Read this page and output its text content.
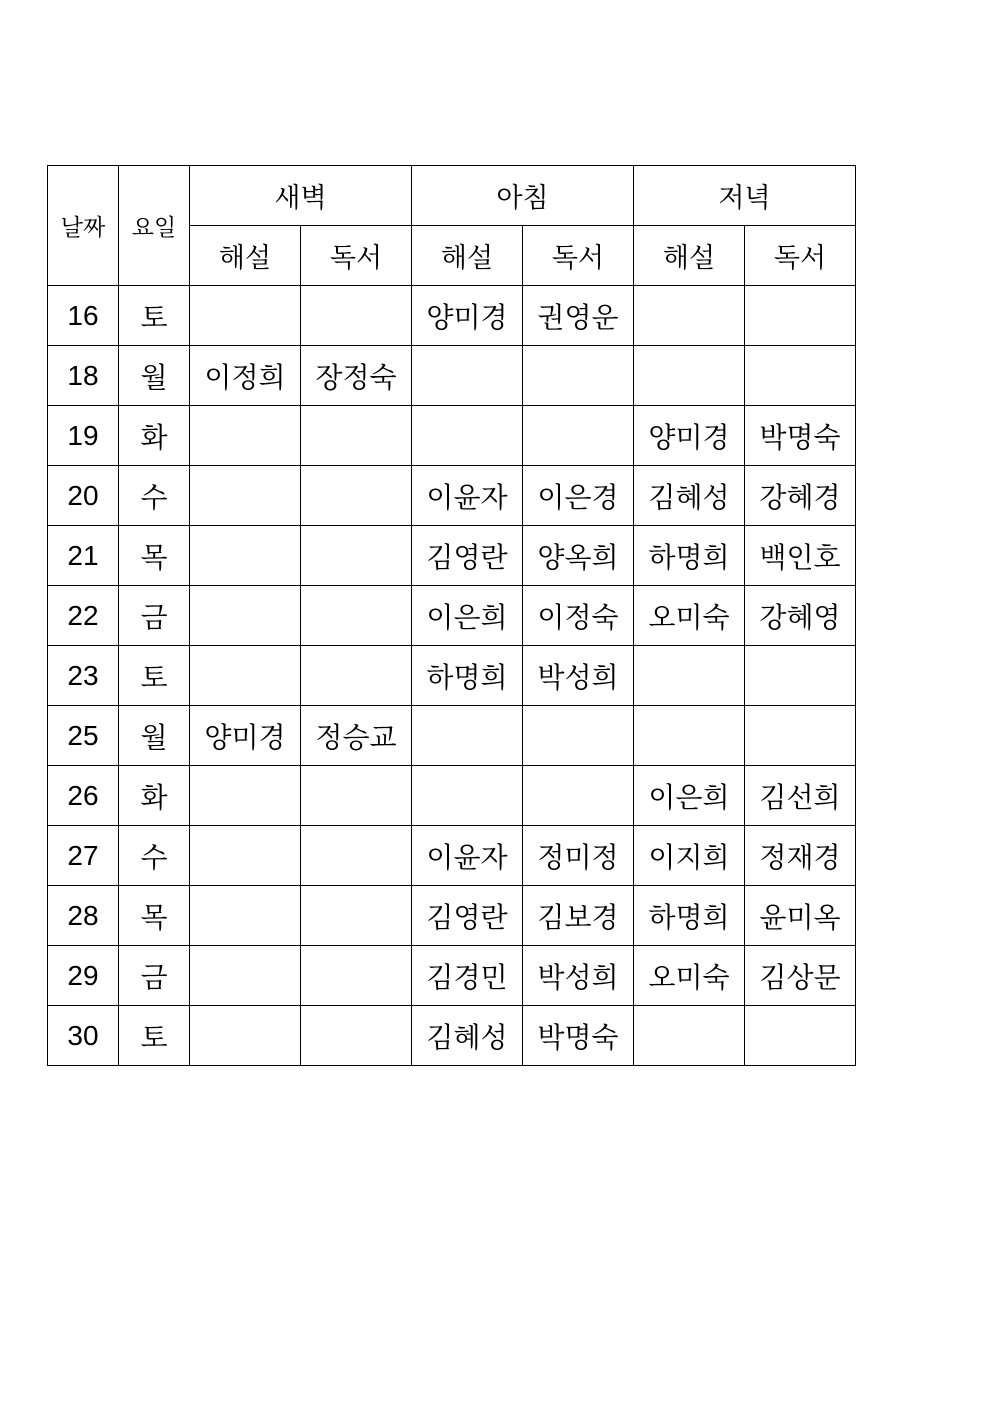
날짜	요일	새벽		아침		저녁	
		해설	독서	해설	독서	해설	독서
16	토			양미경	권영운		
18	월	이정희	장정숙				
19	화					양미경	박명숙
20	수			이윤자	이은경	김혜성	강혜경
21	목			김영란	양옥희	하명희	백인호
22	금			이은희	이정숙	오미숙	강혜영
23	토			하명희	박성희		
25	월	양미경	정승교				
26	화					이은희	김선희
27	수			이윤자	정미정	이지희	정재경
28	목			김영란	김보경	하명희	윤미옥
29	금			김경민	박성희	오미숙	김상문
30	토			김혜성	박명숙		
